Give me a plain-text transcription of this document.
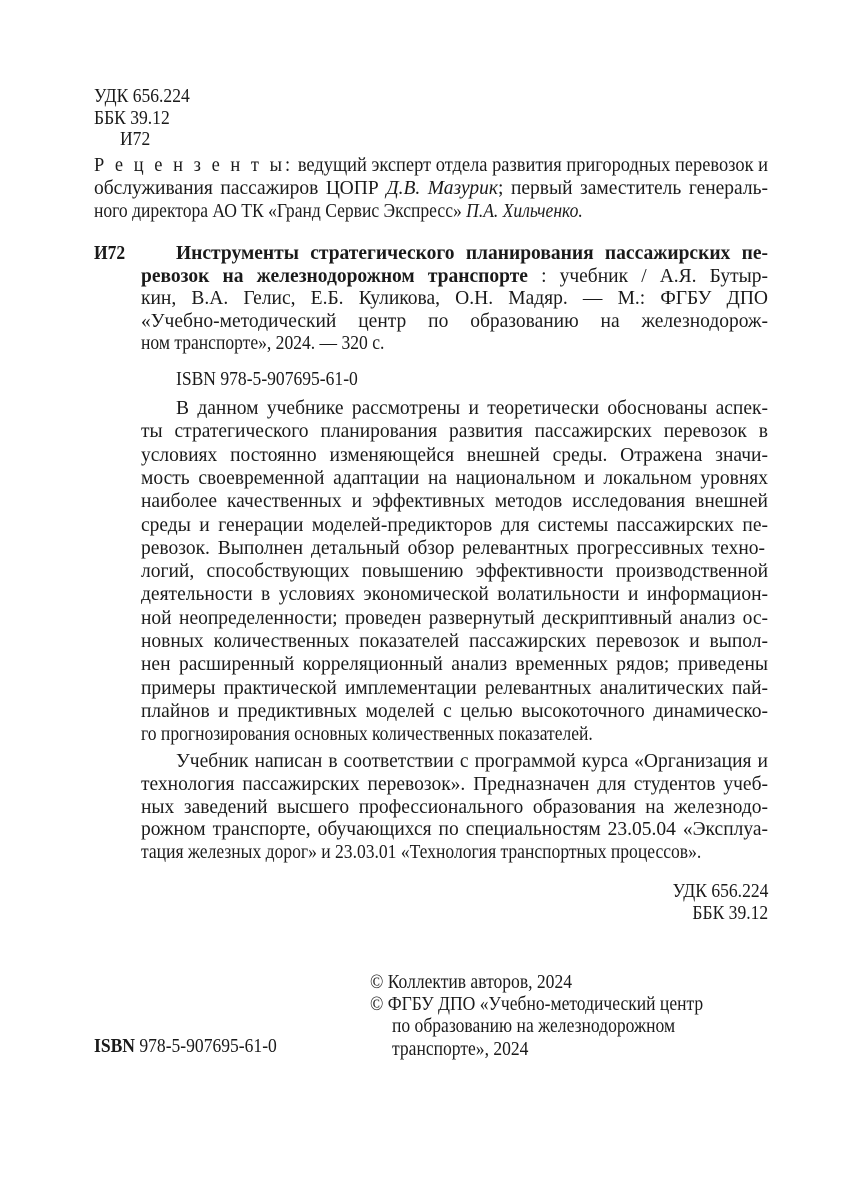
УДК 656.224
ББК 39.12
И72
Р е ц е н з е н т ы: ведущий эксперт отдела развития пригородных перевозок и
обслуживания пассажиров ЦОПР Д.В. Мазурик; первый заместитель генераль-
ного директора АО ТК «Гранд Сервис Экспресс» П.А. Хильченко.
И72	Инструменты стратегического планирования пассажирских пе-
ревозок на железнодорожном транспорте : учебник / А.Я. Бутыр-
кин, В.А. Гелис, Е.Б. Куликова, О.Н. Мадяр. — М.: ФГБУ ДПО
«Учебно-методический центр по образованию на железнодорож-
ном транспорте», 2024. — 320 с.
ISBN 978-5-907695-61-0
В данном учебнике рассмотрены и теоретически обоснованы аспек-
ты стратегического планирования развития пассажирских перевозок в
условиях постоянно изменяющейся внешней среды. Отражена значи-
мость своевременной адаптации на национальном и локальном уровнях
наиболее качественных и эффективных методов исследования внешней
среды и генерации моделей-предикторов для системы пассажирских пе-
ревозок. Выполнен детальный обзор релевантных прогрессивных техно-
логий, способствующих повышению эффективности производственной
деятельности в условиях экономической волатильности и информацион-
ной неопределенности; проведен развернутый дескриптивный анализ ос-
новных количественных показателей пассажирских перевозок и выпол-
нен расширенный корреляционный анализ временных рядов; приведены
примеры практической имплементации релевантных аналитических пай-
плайнов и предиктивных моделей с целью высокоточного динамическо-
го прогнозирования основных количественных показателей.
Учебник написан в соответствии с программой курса «Организация и
технология пассажирских перевозок». Предназначен для студентов учеб-
ных заведений высшего профессионального образования на железнодо-
рожном транспорте, обучающихся по специальностям 23.05.04 «Эксплуа-
тация железных дорог» и 23.03.01 «Технология транспортных процессов».
УДК 656.224
ББК 39.12
© Коллектив авторов, 2024
© ФГБУ ДПО «Учебно-методический центр
по образованию на железнодорожном
транспорте», 2024
ISBN 978-5-907695-61-0
